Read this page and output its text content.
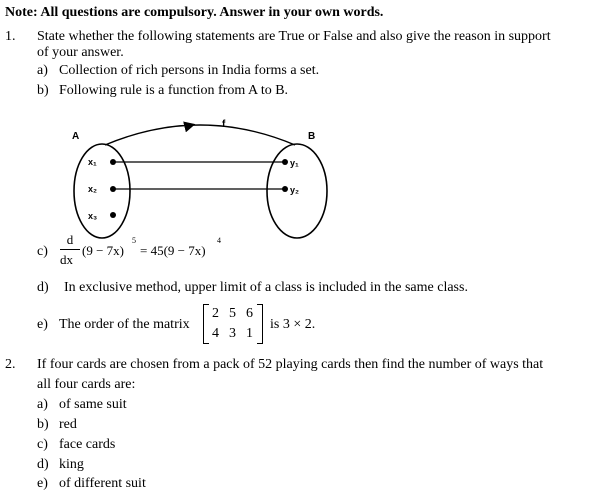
Note: All questions are compulsory. Answer in your own words.
1. State whether the following statements are True or False and also give the reason in support
of your answer.
a) Collection of rich persons in India forms a set.
b) Following rule is a function from A to B.
A	B
f
x₁
x₂
x₃
y₁
y₂
c)
d
dx
(9 − 7x)
5
= 45(9 − 7x)
4
d) In exclusive method, upper limit of a class is included in the same class.
e) The order of the matrix
2 5 6
4 3 1
is 3 × 2.
2. If four cards are chosen from a pack of 52 playing cards then find the number of ways that
all four cards are:
a) of same suit
b) red
c) face cards
d) king
e) of different suit
